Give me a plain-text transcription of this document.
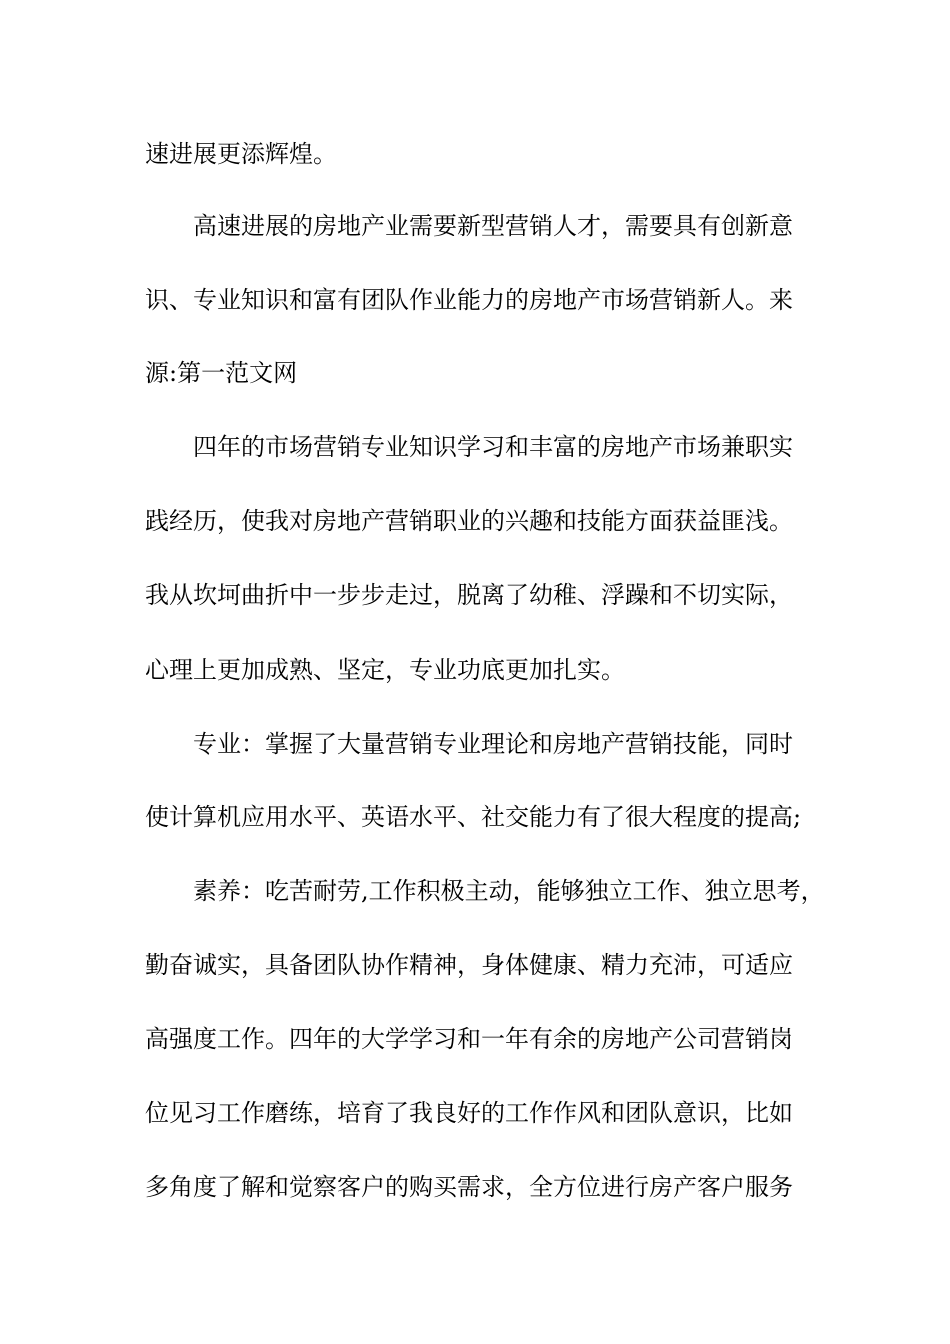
速进展更添辉煌。
高速进展的房地产业需要新型营销人才，需要具有创新意
识、专业知识和富有团队作业能力的房地产市场营销新人。来
源:第一范文网
四年的市场营销专业知识学习和丰富的房地产市场兼职实
践经历，使我对房地产营销职业的兴趣和技能方面获益匪浅。
我从坎坷曲折中一步步走过，脱离了幼稚、浮躁和不切实际，
心理上更加成熟、坚定，专业功底更加扎实。
专业：掌握了大量营销专业理论和房地产营销技能，同时
使计算机应用水平、英语水平、社交能力有了很大程度的提高;
素养：吃苦耐劳,工作积极主动，能够独立工作、独立思考，
勤奋诚实，具备团队协作精神，身体健康、精力充沛，可适应
高强度工作。四年的大学学习和一年有余的房地产公司营销岗
位见习工作磨练，培育了我良好的工作作风和团队意识，比如
多角度了解和觉察客户的购买需求，全方位进行房产客户服务
